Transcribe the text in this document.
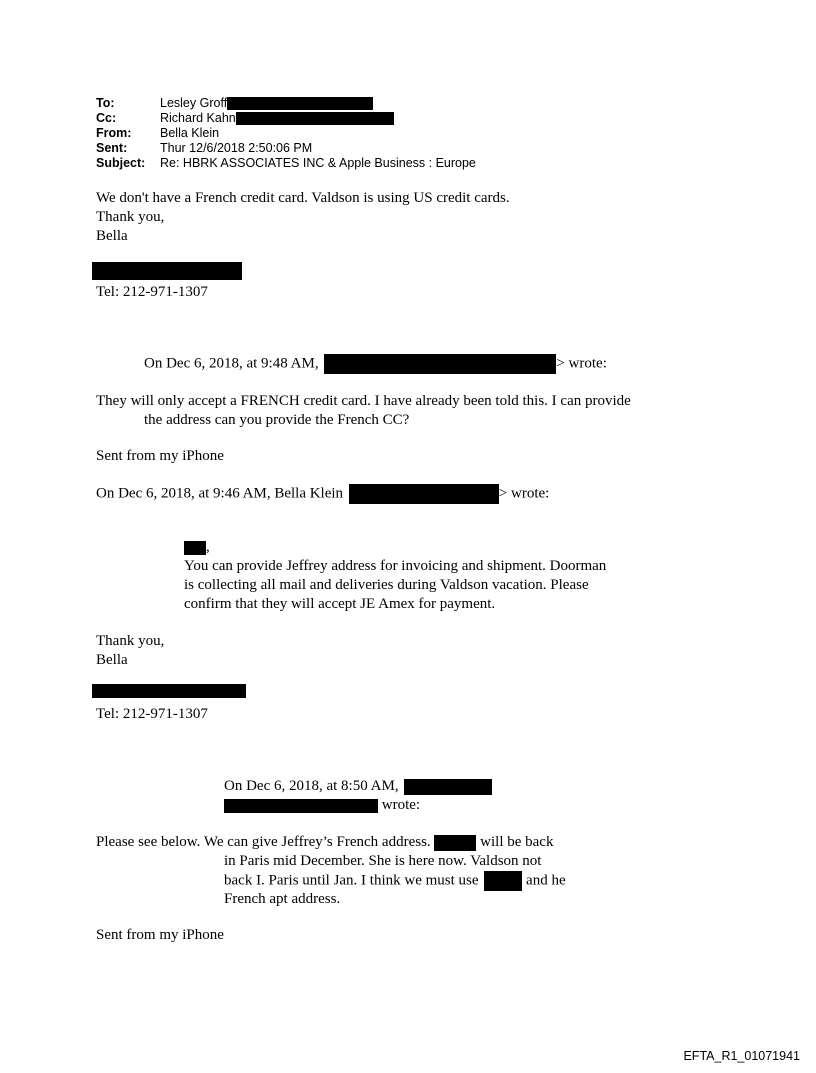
To:	Lesley Groff
Cc:	Richard Kahn
From:	Bella Klein
Sent:	Thur 12/6/2018 2:50:06 PM
Subject:	Re: HBRK ASSOCIATES INC & Apple Business : Europe
We don't have a French credit card. Valdson is using US credit cards.
Thank you,
Bella
Tel: 212-971-1307
On Dec 6, 2018, at 9:48 AM,	> wrote:
They will only accept a FRENCH credit card. I have already been told this. I can provide
the address can you provide the French CC?
Sent from my iPhone
On Dec 6, 2018, at 9:46 AM, Bella Klein	> wrote:
,
You can provide Jeffrey address for invoicing and shipment. Doorman
is collecting all mail and deliveries during Valdson vacation. Please
confirm that they will accept JE Amex for payment.
Thank you,
Bella
Tel: 212-971-1307
On Dec 6, 2018, at 8:50 AM,
wrote:
Please see below. We can give Jeffrey’s French address.	will be back
in Paris mid December. She is here now. Valdson not
back I. Paris until Jan. I think we must use	and he
French apt address.
Sent from my iPhone
EFTA_R1_01071941
